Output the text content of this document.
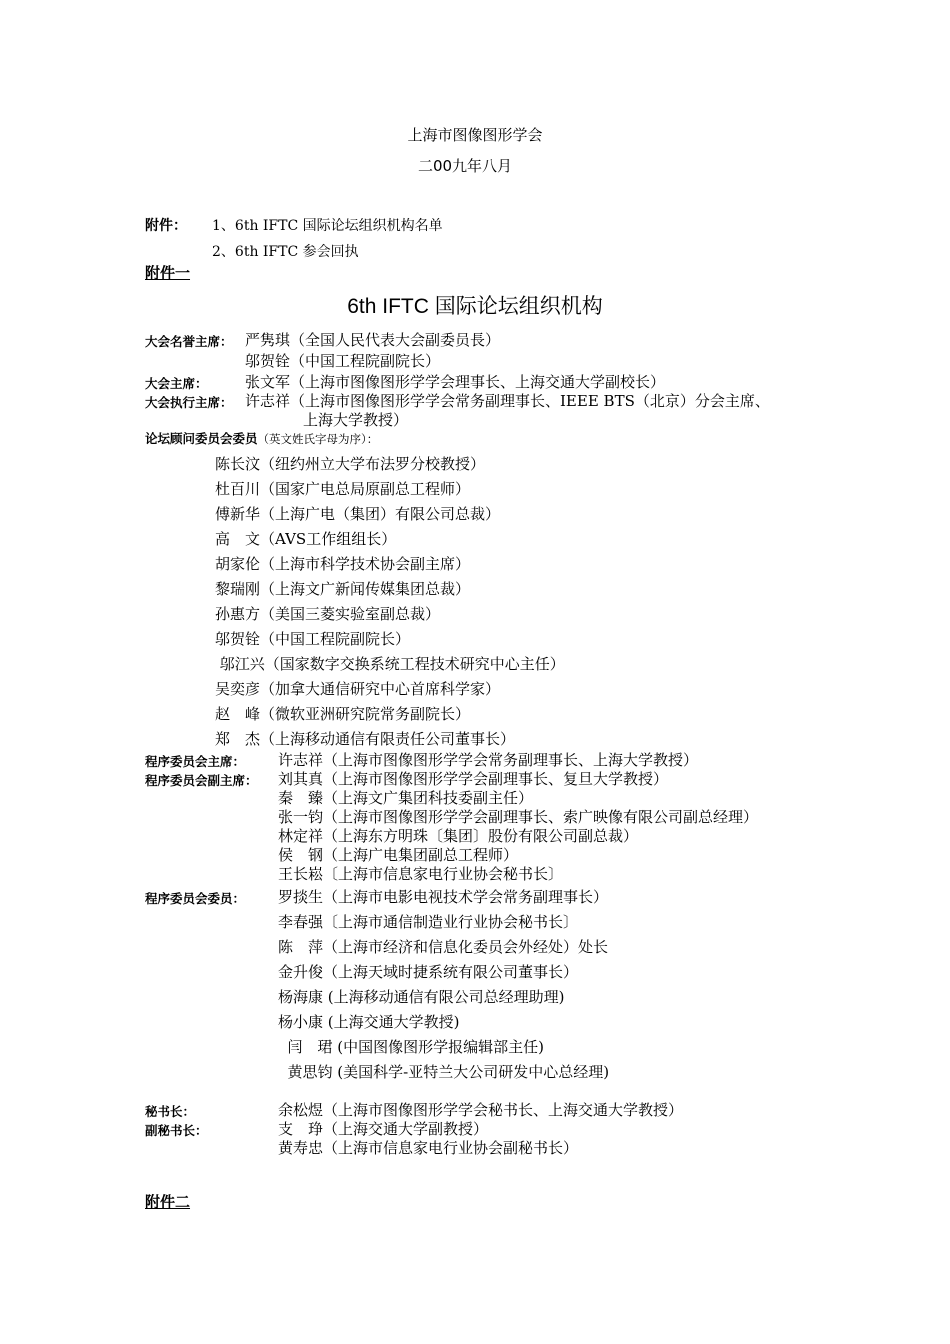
上海市图像图形学会
二00九年八月
附件： 1、6th IFTC 国际论坛组织机构名单
2、6th IFTC 参会回执
附件一
6th IFTC 国际论坛组织机构
大会名誉主席： 严隽琪（全国人民代表大会副委员長）
邬贺铨（中国工程院副院长）
大会主席： 张文军（上海市图像图形学学会理事长、上海交通大学副校长）
大会执行主席： 许志祥（上海市图像图形学学会常务副理事长、IEEE BTS（北京）分会主席、
上海大学教授）
论坛顾问委员会委员（英文姓氏字母为序）：
陈长汶（纽约州立大学布法罗分校教授）
杜百川（国家广电总局原副总工程师）
傅新华（上海广电（集团）有限公司总裁）
高　文（AVS工作组组长）
胡家伦（上海市科学技术协会副主席）
黎瑞刚（上海文广新闻传媒集团总裁）
孙惠方（美国三菱实验室副总裁）
邬贺铨（中国工程院副院长）
邬江兴（国家数字交换系统工程技术研究中心主任）
吴奕彦（加拿大通信研究中心首席科学家）
赵　峰（微软亚洲研究院常务副院长）
郑　杰（上海移动通信有限责任公司董事长）
程序委员会主席： 许志祥（上海市图像图形学学会常务副理事长、上海大学教授）
程序委员会副主席： 刘其真（上海市图像图形学学会副理事长、复旦大学教授）
秦　臻（上海文广集团科技委副主任）
张一钧（上海市图像图形学学会副理事长、索广映像有限公司副总经理）
林定祥（上海东方明珠〔集团〕股份有限公司副总裁）
侯　钢（上海广电集团副总工程师）
王长崧〔上海市信息家电行业协会秘书长〕
程序委员会委员： 罗掞生（上海市电影电视技术学会常务副理事长）
李春强〔上海市通信制造业行业协会秘书长〕
陈　萍（上海市经济和信息化委员会外经处）处长
金升俊（上海天域时捷系统有限公司董事长）
杨海康 (上海移动通信有限公司总经理助理)
杨小康 (上海交通大学教授)
闫　珺 (中国图像图形学报编辑部主任)
黄思钧 (美国科学-亚特兰大公司研发中心总经理)
秘书长：	余松煜（上海市图像图形学学会秘书长、上海交通大学教授）
副秘书长：	支　琤（上海交通大学副教授）
黄寿忠（上海市信息家电行业协会副秘书长）
附件二
